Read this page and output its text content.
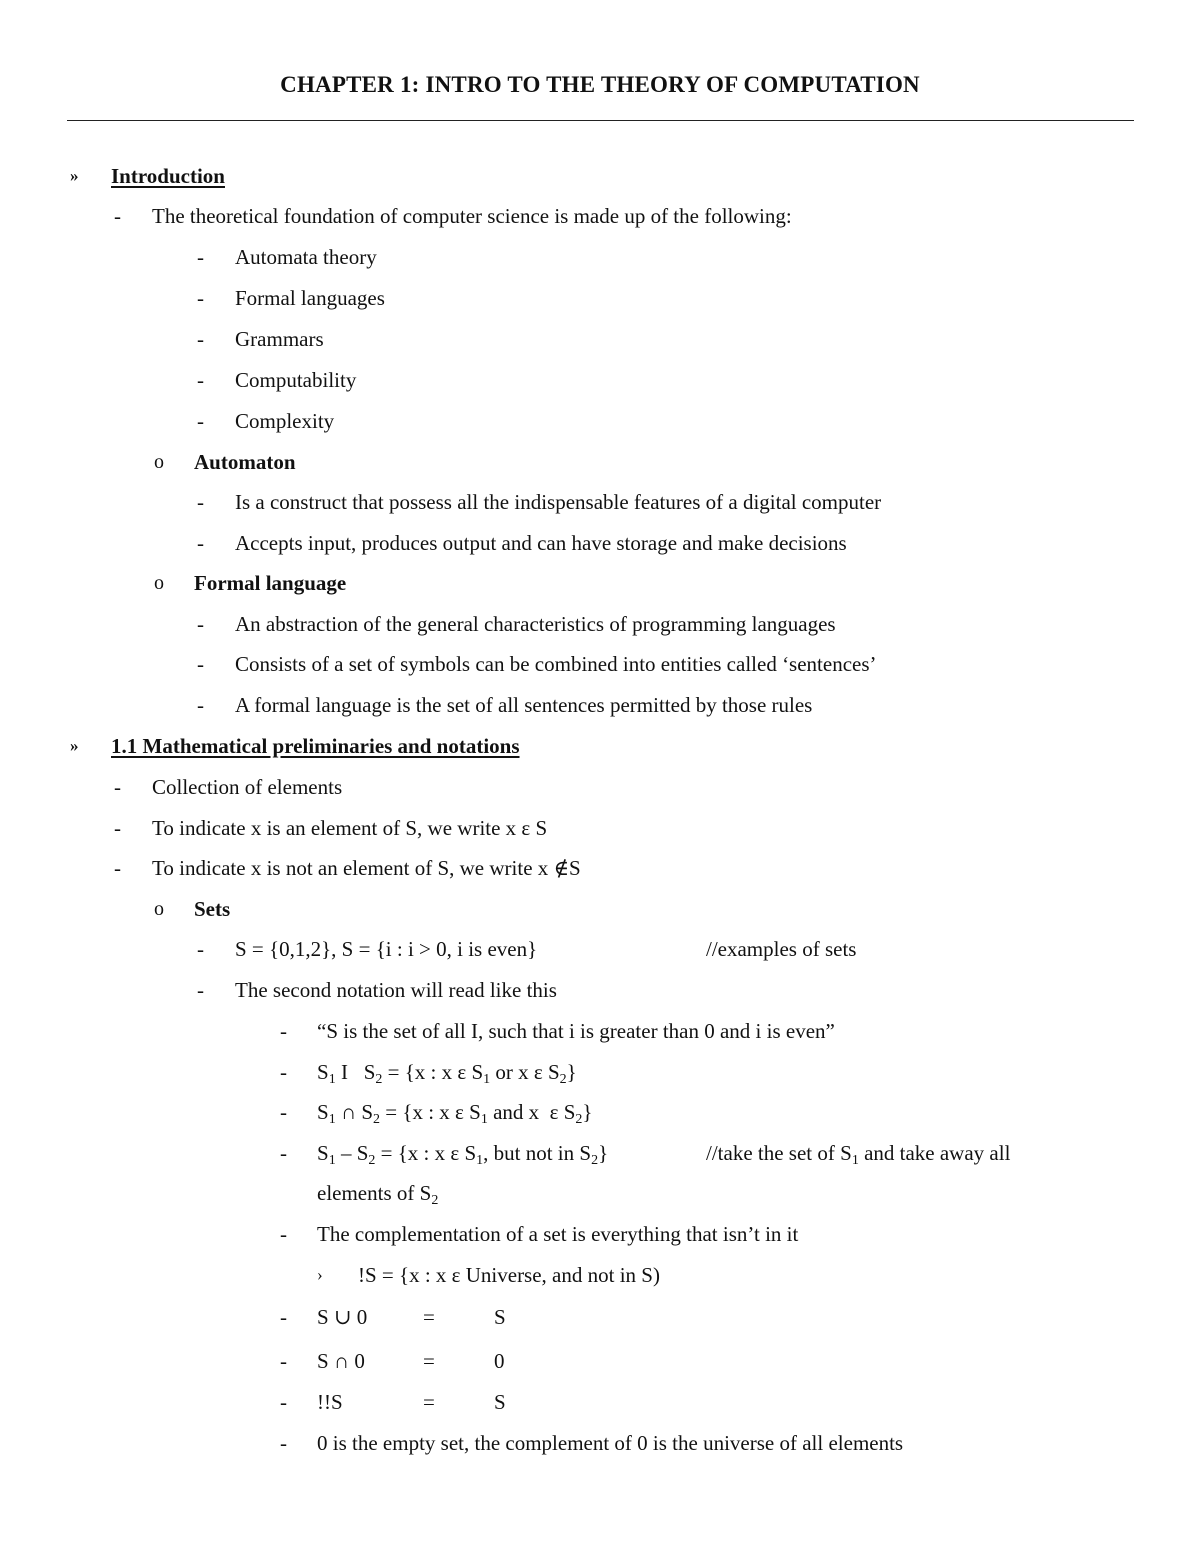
CHAPTER 1: INTRO TO THE THEORY OF COMPUTATION
» Introduction
- The theoretical foundation of computer science is made up of the following:
- Automata theory
- Formal languages
- Grammars
- Computability
- Complexity
o Automaton
- Is a construct that possess all the indispensable features of a digital computer
- Accepts input, produces output and can have storage and make decisions
o Formal language
- An abstraction of the general characteristics of programming languages
- Consists of a set of symbols can be combined into entities called ‘sentences’
- A formal language is the set of all sentences permitted by those rules
» 1.1 Mathematical preliminaries and notations
- Collection of elements
- To indicate x is an element of S, we write x ε S
- To indicate x is not an element of S, we write x ∉S
o Sets
- S = {0,1,2}, S = {i : i > 0, i is even}	//examples of sets
- The second notation will read like this
- “S is the set of all I, such that i is greater than 0 and i is even”
- $S_1$ I   $S_2 = \{x$ : x ε $S_1$ or x ε $S_2$}
- $S_1$ ∩ $S_2 = \{x$ : x ε $S_1$ and x  ε $S_2$}
- $S_1 - S_2 = \{x$ : x ε $S_1$, but not in $S_2$}	//take the set of $S_1$ and take away all
elements of $S_2$
- The complementation of a set is everything that isn’t in it
› !S = {x : x ε Universe, and not in S)
- S ∪ 0	=	S
- S ∩ 0	=	0
- !!S	=	S
- 0 is the empty set, the complement of 0 is the universe of all elements
